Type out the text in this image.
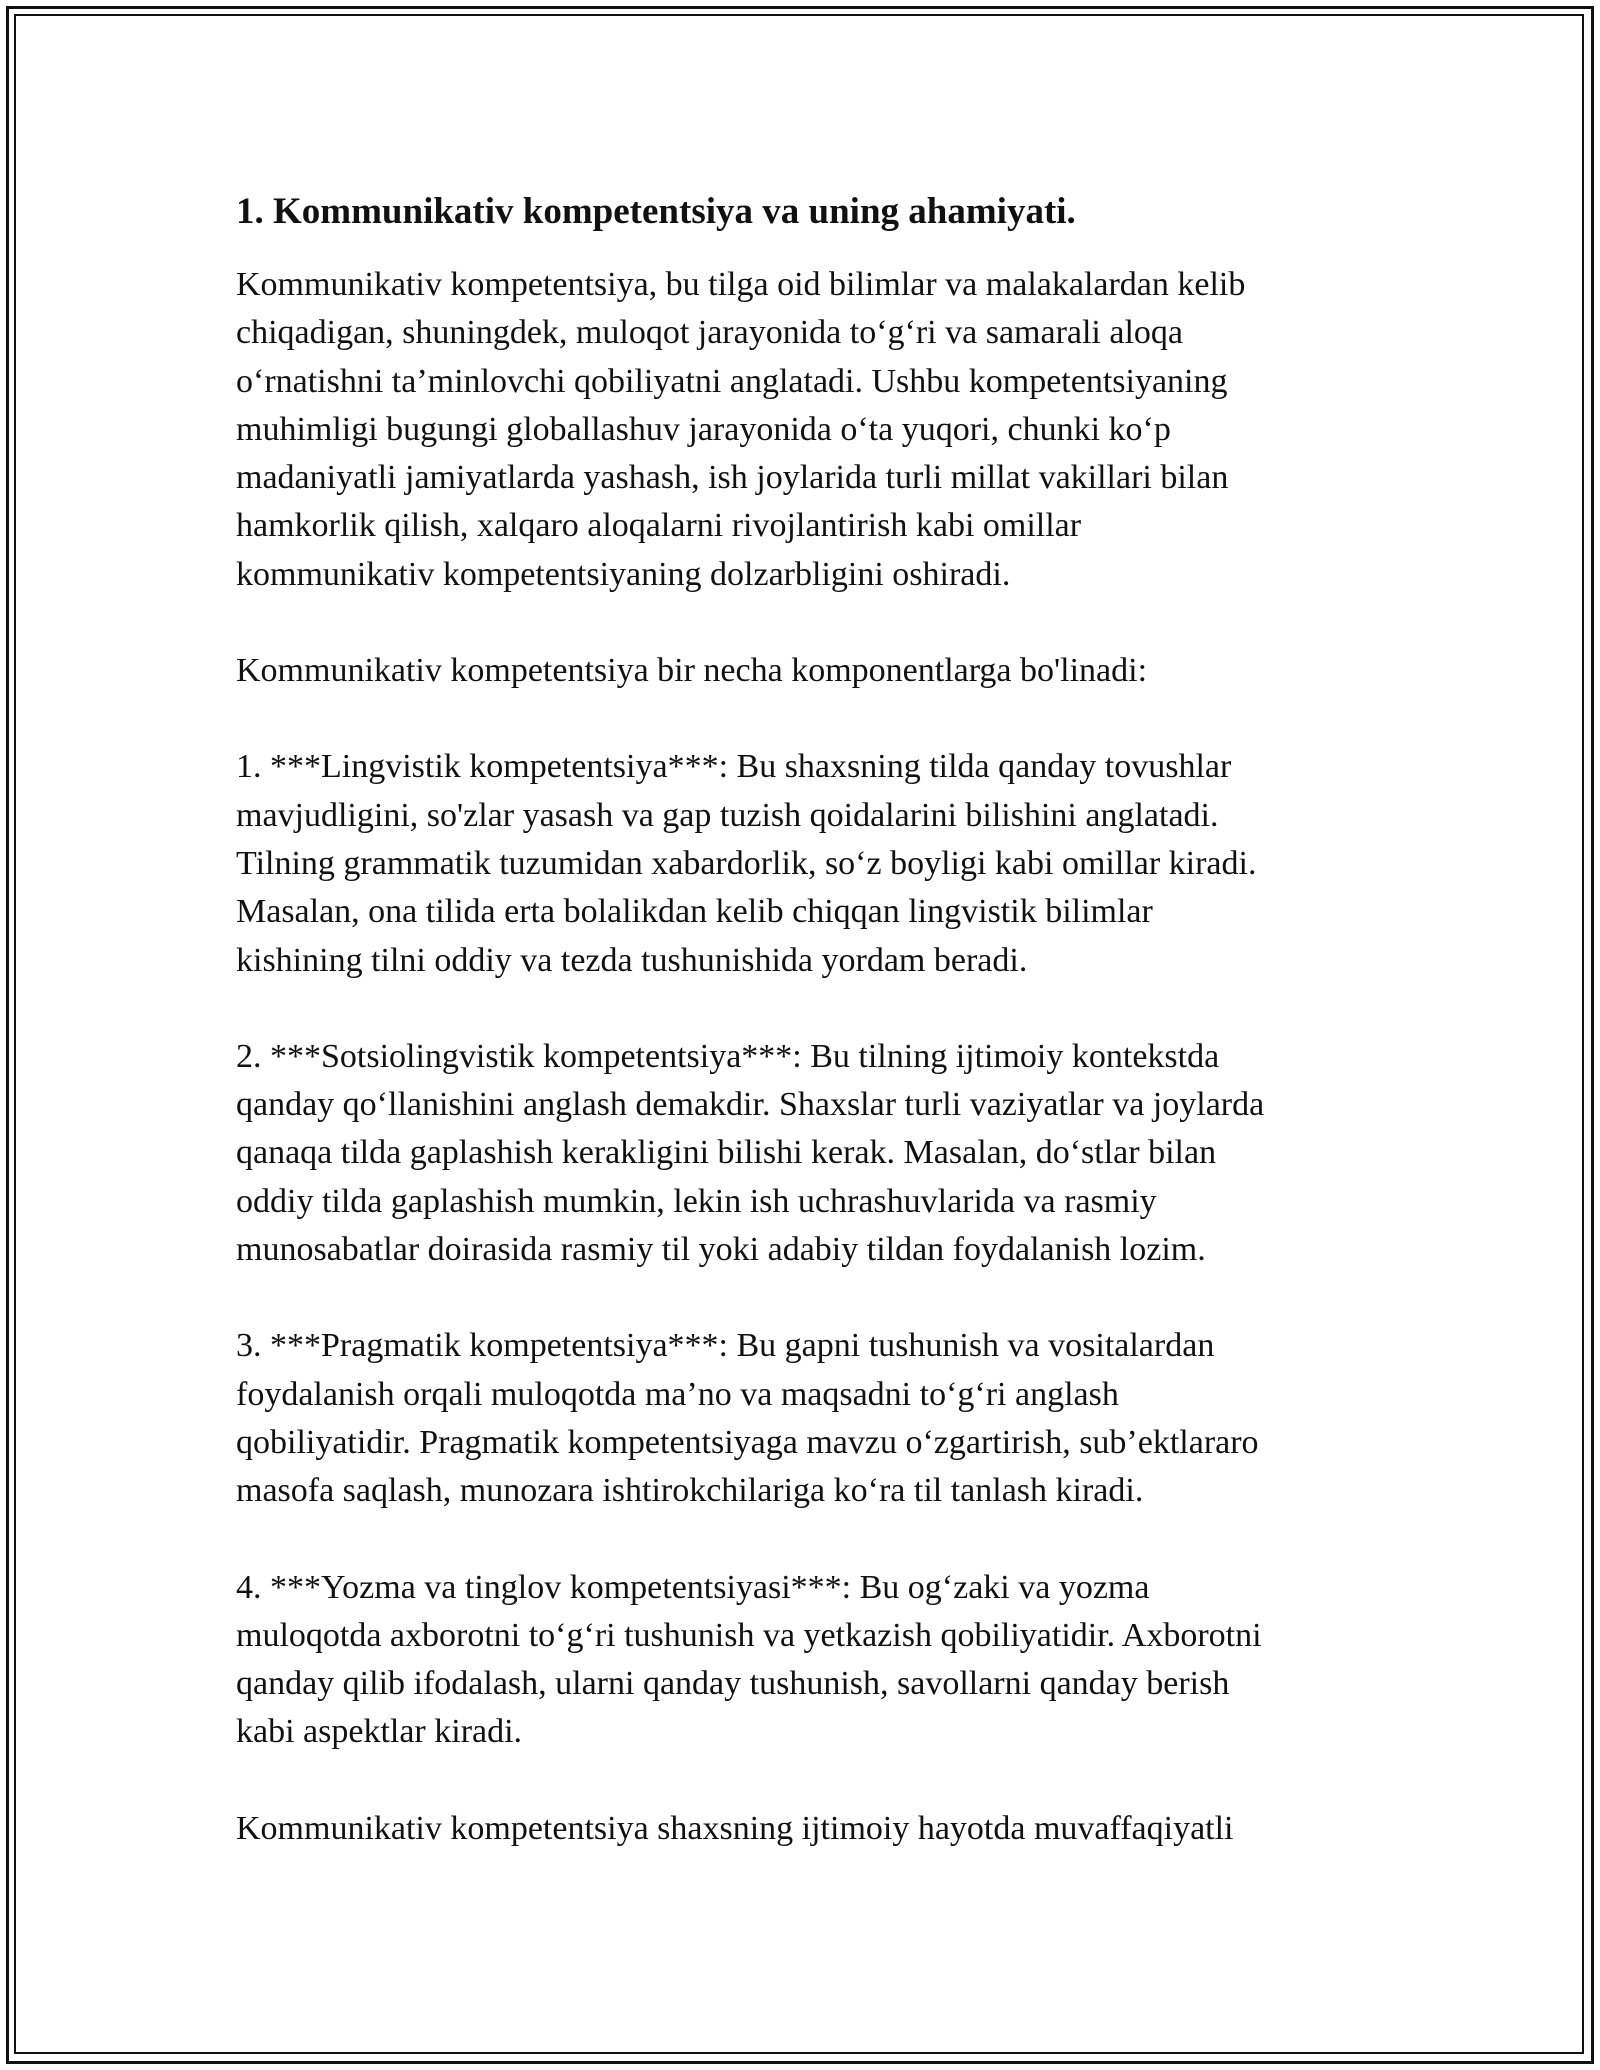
1. Kommunikativ kompetentsiya va uning ahamiyati.

Kommunikativ kompetentsiya, bu tilga oid bilimlar va malakalardan kelib
chiqadigan, shuningdek, muloqot jarayonida to‘g‘ri va samarali aloqa
o‘rnatishni ta’minlovchi qobiliyatni anglatadi. Ushbu kompetentsiyaning
muhimligi bugungi globallashuv jarayonida o‘ta yuqori, chunki ko‘p
madaniyatli jamiyatlarda yashash, ish joylarida turli millat vakillari bilan
hamkorlik qilish, xalqaro aloqalarni rivojlantirish kabi omillar
kommunikativ kompetentsiyaning dolzarbligini oshiradi.

Kommunikativ kompetentsiya bir necha komponentlarga bo'linadi:

1. ***Lingvistik kompetentsiya***: Bu shaxsning tilda qanday tovushlar
mavjudligini, so'zlar yasash va gap tuzish qoidalarini bilishini anglatadi.
Tilning grammatik tuzumidan xabardorlik, so‘z boyligi kabi omillar kiradi.
Masalan, ona tilida erta bolalikdan kelib chiqqan lingvistik bilimlar
kishining tilni oddiy va tezda tushunishida yordam beradi.

2. ***Sotsiolingvistik kompetentsiya***: Bu tilning ijtimoiy kontekstda
qanday qo‘llanishini anglash demakdir. Shaxslar turli vaziyatlar va joylarda
qanaqa tilda gaplashish kerakligini bilishi kerak. Masalan, do‘stlar bilan
oddiy tilda gaplashish mumkin, lekin ish uchrashuvlarida va rasmiy
munosabatlar doirasida rasmiy til yoki adabiy tildan foydalanish lozim.

3. ***Pragmatik kompetentsiya***: Bu gapni tushunish va vositalardan
foydalanish orqali muloqotda ma’no va maqsadni to‘g‘ri anglash
qobiliyatidir. Pragmatik kompetentsiyaga mavzu o‘zgartirish, sub’ektlararo
masofa saqlash, munozara ishtirokchilariga ko‘ra til tanlash kiradi.

4. ***Yozma va tinglov kompetentsiyasi***: Bu og‘zaki va yozma
muloqotda axborotni to‘g‘ri tushunish va yetkazish qobiliyatidir. Axborotni
qanday qilib ifodalash, ularni qanday tushunish, savollarni qanday berish
kabi aspektlar kiradi.

Kommunikativ kompetentsiya shaxsning ijtimoiy hayotda muvaffaqiyatli
